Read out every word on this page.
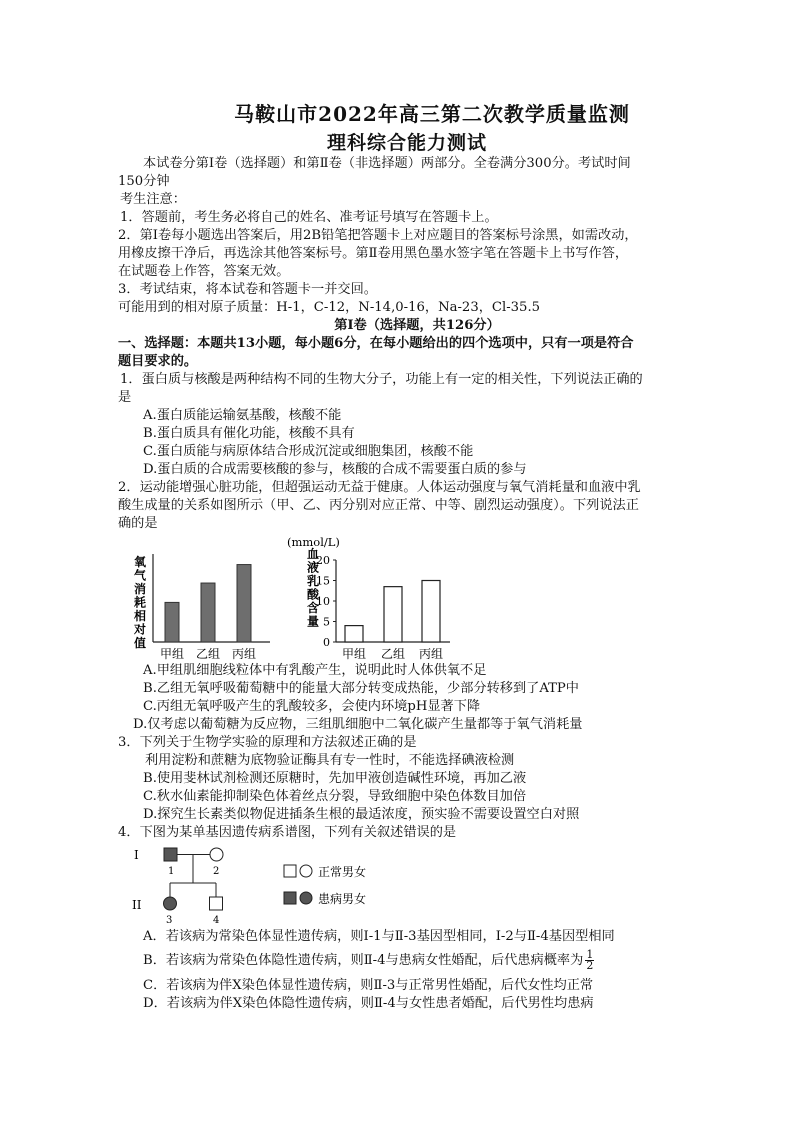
马鞍山市2022年高三第二次教学质量监测
理科综合能力测试
本试卷分第Ⅰ卷（选择题）和第Ⅱ卷（非选择题）两部分。全卷满分300分。考试时间
150分钟
考生注意：
1．答题前，考生务必将自己的姓名、准考证号填写在答题卡上。
2．第Ⅰ卷每小题选出答案后，用2B铅笔把答题卡上对应题目的答案标号涂黑，如需改动，
用橡皮擦干净后，再选涂其他答案标号。第Ⅱ卷用黑色墨水签字笔在答题卡上书写作答，
在试题卷上作答，答案无效。
3．考试结束，将本试卷和答题卡一并交回。
可能用到的相对原子质量：H-1，C-12，N-14,0-16，Na-23，Cl-35.5
第Ⅰ卷（选择题，共126分）
一、选择题：本题共13小题，每小题6分，在每小题给出的四个选项中，只有一项是符合
题目要求的。
1．蛋白质与核酸是两种结构不同的生物大分子，功能上有一定的相关性，下列说法正确的
是
A.蛋白质能运输氨基酸，核酸不能
B.蛋白质具有催化功能，核酸不具有
C.蛋白质能与病原体结合形成沉淀或细胞集团，核酸不能
D.蛋白质的合成需要核酸的参与，核酸的合成不需要蛋白质的参与
2．运动能增强心脏功能，但超强运动无益于健康。人体运动强度与氧气消耗量和血液中乳
酸生成量的关系如图所示（甲、乙、丙分别对应正常、中等、剧烈运动强度）。下列说法正
确的是
氧气消耗相对值
甲组 乙组 丙组
(mmol/L)
血液乳酸含量
0
5
10
15
20
甲组 乙组 丙组
A.甲组肌细胞线粒体中有乳酸产生，说明此时人体供氧不足
B.乙组无氧呼吸葡萄糖中的能量大部分转变成热能，少部分转移到了ATP中
C.丙组无氧呼吸产生的乳酸较多，会使内环境pH显著下降
D.仅考虑以葡萄糖为反应物，三组肌细胞中二氧化碳产生量都等于氧气消耗量
3．下列关于生物学实验的原理和方法叙述正确的是
利用淀粉和蔗糖为底物验证酶具有专一性时，不能选择碘液检测
B.使用斐林试剂检测还原糖时，先加甲液创造碱性环境，再加乙液
C.秋水仙素能抑制染色体着丝点分裂，导致细胞中染色体数目加倍
D.探究生长素类似物促进插条生根的最适浓度，预实验不需要设置空白对照
4．下图为某单基因遗传病系谱图，下列有关叙述错误的是
I
II
1	2
3	4
正常男女
患病男女
A．若该病为常染色体显性遗传病，则Ⅰ-1与Ⅱ-3基因型相同，Ⅰ-2与Ⅱ-4基因型相同
B．若该病为常染色体隐性遗传病，则Ⅱ-4与患病女性婚配，后代患病概率为 $\frac{1}{2}$
C．若该病为伴X染色体显性遗传病，则Ⅱ-3与正常男性婚配，后代女性均正常
D．若该病为伴X染色体隐性遗传病，则Ⅱ-4与女性患者婚配，后代男性均患病
